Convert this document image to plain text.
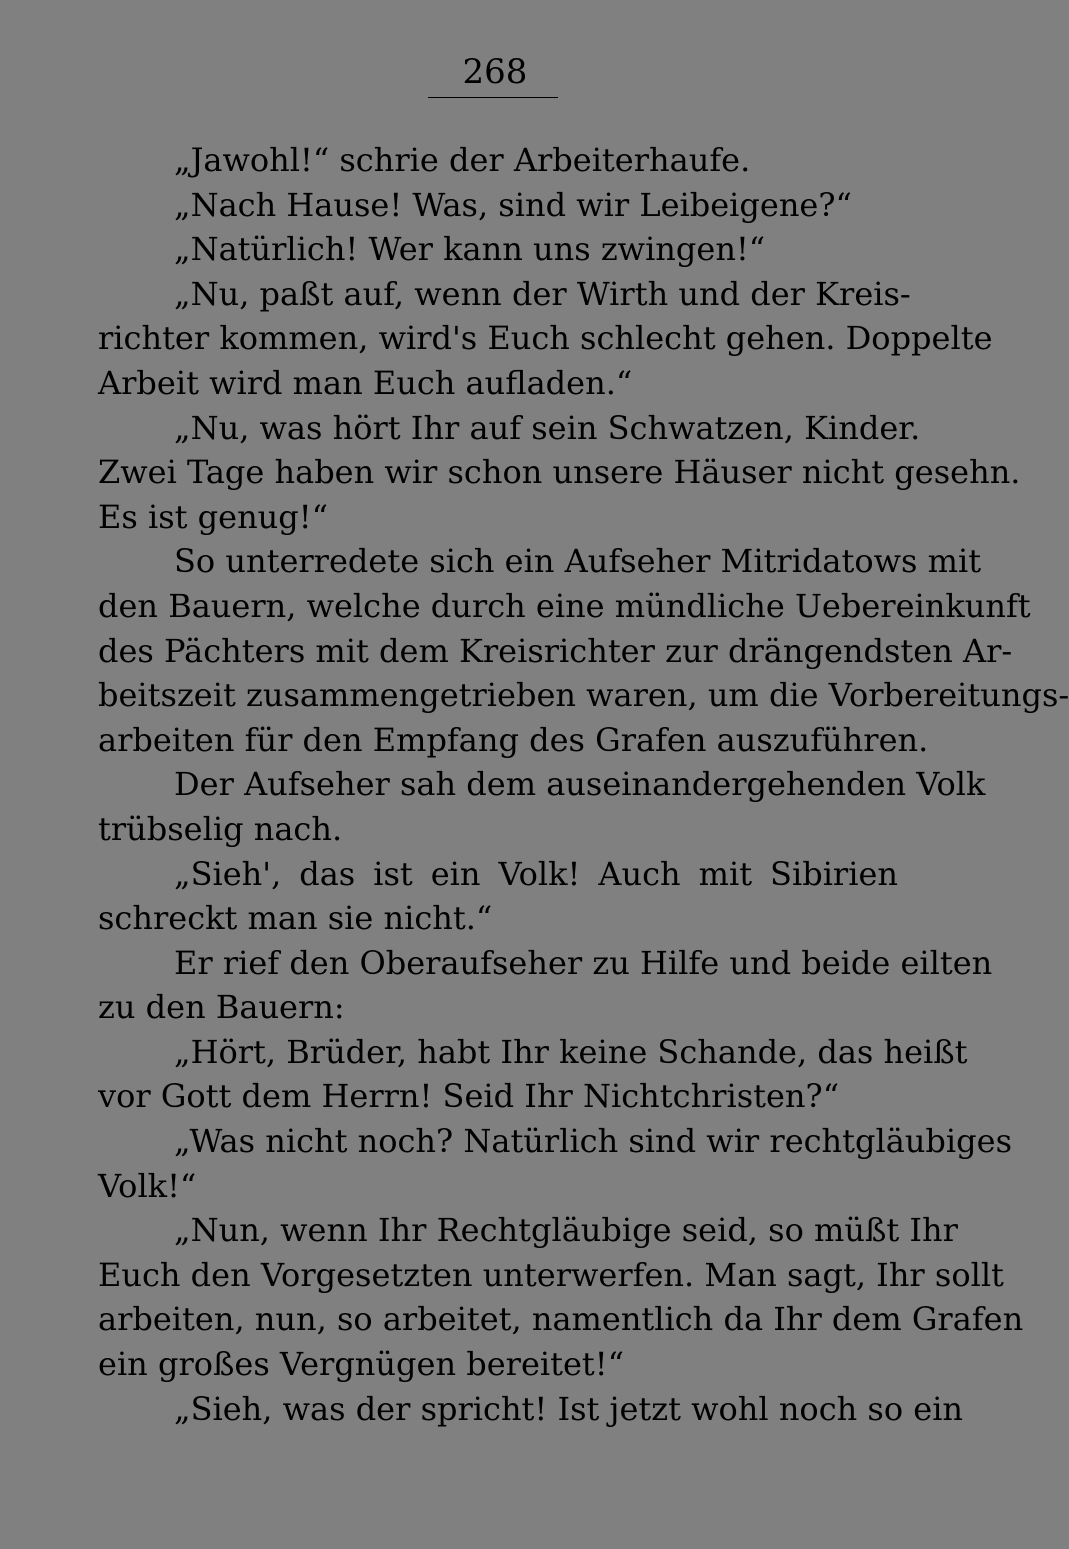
268
„Jawohl!“ schrie der Arbeiterhaufe.
„Nach Hause! Was, sind wir Leibeigene?“
„Natürlich! Wer kann uns zwingen!“
„Nu, paßt auf, wenn der Wirth und der Kreis-
richter kommen, wird's Euch schlecht gehen. Doppelte
Arbeit wird man Euch aufladen.“
„Nu, was hört Ihr auf sein Schwatzen, Kinder.
Zwei Tage haben wir schon unsere Häuser nicht gesehn.
Es ist genug!“
So unterredete sich ein Aufseher Mitridatows mit
den Bauern, welche durch eine mündliche Uebereinkunft
des Pächters mit dem Kreisrichter zur drängendsten Ar-
beitszeit zusammengetrieben waren, um die Vorbereitungs-
arbeiten für den Empfang des Grafen auszuführen.
Der Aufseher sah dem auseinandergehenden Volk
trübselig nach.
„Sieh', das ist ein Volk! Auch mit Sibirien
schreckt man sie nicht.“
Er rief den Oberaufseher zu Hilfe und beide eilten
zu den Bauern:
„Hört, Brüder, habt Ihr keine Schande, das heißt
vor Gott dem Herrn! Seid Ihr Nichtchristen?“
„Was nicht noch? Natürlich sind wir rechtgläubiges
Volk!“
„Nun, wenn Ihr Rechtgläubige seid, so müßt Ihr
Euch den Vorgesetzten unterwerfen. Man sagt, Ihr sollt
arbeiten, nun, so arbeitet, namentlich da Ihr dem Grafen
ein großes Vergnügen bereitet!“
„Sieh, was der spricht! Ist jetzt wohl noch so ein
